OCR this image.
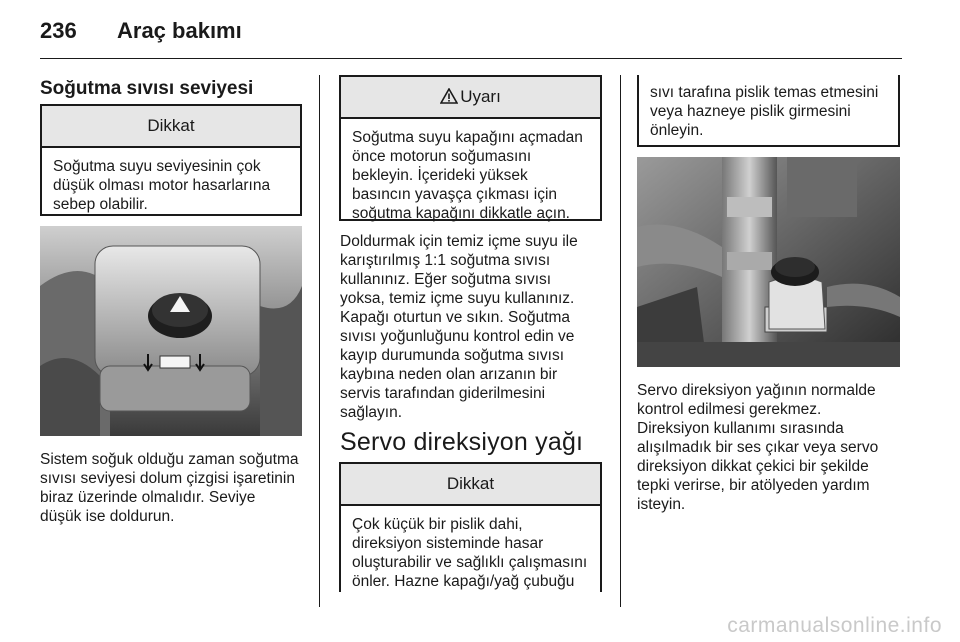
236 Araç bakımı
Soğutma sıvısı seviyesi
Dikkat
Soğutma suyu seviyesinin çok
düşük olması motor hasarlarına
sebep olabilir.
Sistem soğuk olduğu zaman soğutma
sıvısı seviyesi dolum çizgisi işaretinin
biraz üzerinde olmalıdır. Seviye
düşük ise doldurun.
Uyarı
Soğutma suyu kapağını açmadan
önce motorun soğumasını
bekleyin. İçerideki yüksek
basıncın yavaşça çıkması için
soğutma kapağını dikkatle açın.
Doldurmak için temiz içme suyu ile
karıştırılmış 1:1 soğutma sıvısı
kullanınız. Eğer soğutma sıvısı
yoksa, temiz içme suyu kullanınız.
Kapağı oturtun ve sıkın. Soğutma
sıvısı yoğunluğunu kontrol edin ve
kayıp durumunda soğutma sıvısı
kaybına neden olan arızanın bir
servis tarafından giderilmesini
sağlayın.
Servo direksiyon yağı
Dikkat
Çok küçük bir pislik dahi,
direksiyon sisteminde hasar
oluşturabilir ve sağlıklı çalışmasını
önler. Hazne kapağı/yağ çubuğu
sıvı tarafına pislik temas etmesini
veya hazneye pislik girmesini
önleyin.
Servo direksiyon yağının normalde
kontrol edilmesi gerekmez.
Direksiyon kullanımı sırasında
alışılmadık bir ses çıkar veya servo
direksiyon dikkat çekici bir şekilde
tepki verirse, bir atölyeden yardım
isteyin.
carmanualsonline.info
